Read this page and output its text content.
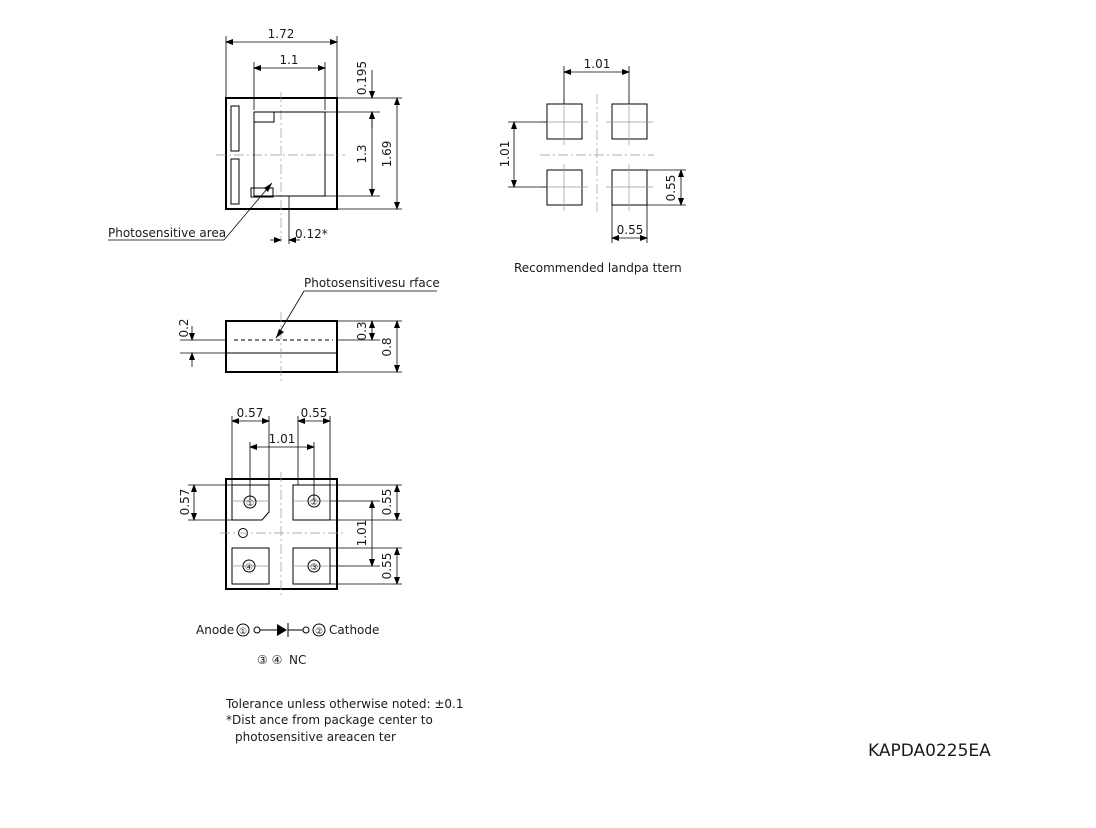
1.72
1.1
Photosensitive area
0.195
1.3 1.69
0.12*
Photosensitivesu rface
0.2	0.3
0.8
①	②
③
④
0.57	0.55
1.01
0.57	0.55
1.01
0.55
1.01
1.01
0.55
0.55
Recommended landpa ttern
Anode ①	② Cathode
③ ④ NC
Tolerance unless otherwise noted: ±0.1
*Dist ance from package center to
photosensitive areacen ter
KAPDA0225EA
